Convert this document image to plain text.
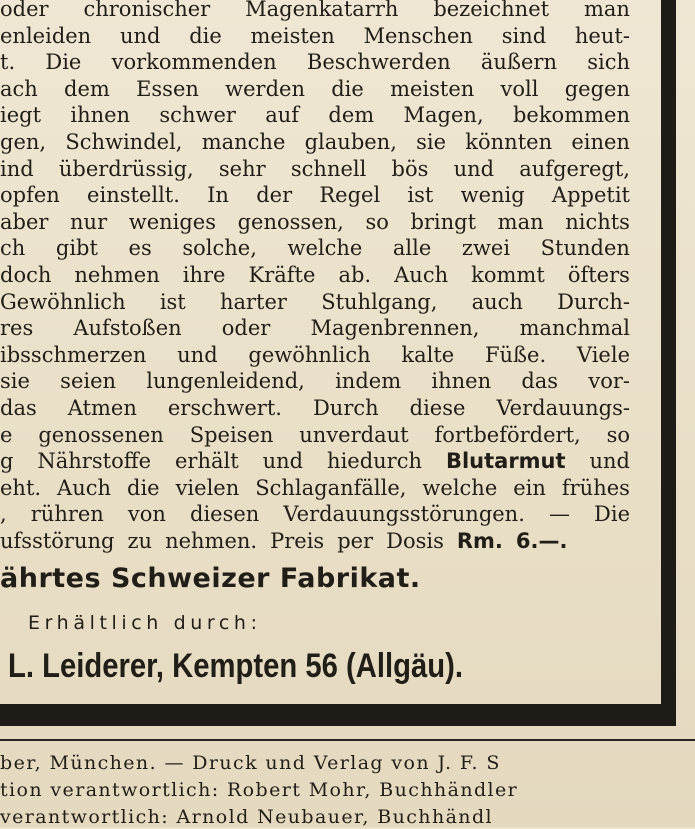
oder chronischer Magenkatarrh bezeichnet man
enleiden und die meisten Menschen sind heut-
t. Die vorkommenden Beschwerden äußern sich
ach dem Essen werden die meisten voll gegen
iegt ihnen schwer auf dem Magen, bekommen
gen, Schwindel, manche glauben, sie könnten einen
ind überdrüssig, sehr schnell bös und aufgeregt,
opfen einstellt. In der Regel ist wenig Appetit
aber nur weniges genossen, so bringt man nichts
ch gibt es solche, welche alle zwei Stunden
doch nehmen ihre Kräfte ab. Auch kommt öfters
Gewöhnlich ist harter Stuhlgang, auch Durch-
res Aufstoßen oder Magenbrennen, manchmal
ibsschmerzen und gewöhnlich kalte Füße. Viele
sie seien lungenleidend, indem ihnen das vor-
das Atmen erschwert. Durch diese Verdauungs-
e genossenen Speisen unverdaut fortbefördert, so
g Nährstoffe erhält und hiedurch Blutarmut und
eht. Auch die vielen Schlaganfälle, welche ein frühes
, rühren von diesen Verdauungsstörungen. — Die
ufsstörung zu nehmen. Preis per Dosis Rm. 6.—.
ährtes Schweizer Fabrikat.
Erhältlich durch:
L. Leiderer, Kempten 56 (Allgäu).
ber, München. — Druck und Verlag von J. F. S
tion verantwortlich: Robert Mohr, Buchhändler
verantwortlich: Arnold Neubauer, Buchhändl
